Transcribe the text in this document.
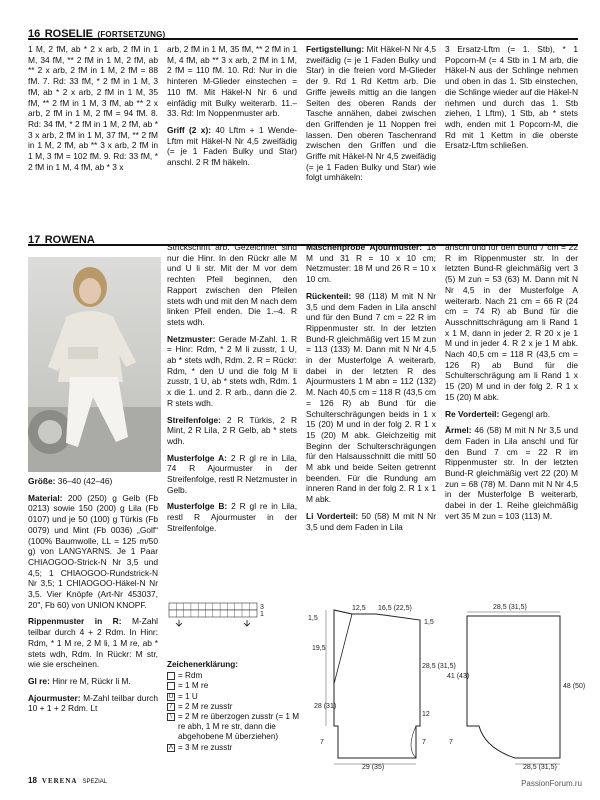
16 ROSELIE (FORTSETZUNG)

1 M, 2 fM, ab * 2 x arb, 2 fM in 1 M, 34 fM, ** 2 fM in 1 M, 2 fM, ab ** 2 x arb, 2 fM in 1 M, 2 fM = 88 fM. 7. Rd: 33 fM, * 2 fM in 1 M, 3 fM, ab * 2 x arb, 2 fM in 1 M, 35 fM, ** 2 fM in 1 M, 3 fM, ab ** 2 x arb, 2 fM in 1 M, 2 fM = 94 fM. 8. Rd: 34 fM, * 2 fM in 1 M, 2 fM, ab * 3 x arb, 2 fM in 1 M, 37 fM, ** 2 fM in 1 M, 2 fM, ab ** 3 x arb, 2 fM in 1 M, 3 fM = 102 fM. 9. Rd: 33 fM, * 2 fM in 1 M, 4 fM, ab * 3 x

arb, 2 fM in 1 M, 35 fM, ** 2 fM in 1 M, 4 fM, ab ** 3 x arb, 2 fM in 1 M, 2 fM = 110 fM. 10. Rd: Nur in die hinteren M-Glieder einstechen = 110 fM. Mit Häkel-N Nr 6 und einfädig mit Bulky weiterarb. 11.–33. Rd: Im Noppenmuster arb.

Griff (2 x): 40 Lftm + 1 Wende-Lftm mit Häkel-N Nr 4,5 zweifädig (= je 1 Faden Bulky und Star) anschl. 2 R fM häkeln.

Fertigstellung: Mit Häkel-N Nr 4,5 zweifädig (= je 1 Faden Bulky und Star) in die freien vord M-Glieder der 9. Rd 1 Rd Kettm arb. Die Griffe jeweils mittig an die langen Seiten des oberen Rands der Tasche annähen, dabei zwischen den Griffenden je 11 Noppen frei lassen. Den oberen Taschenrand zwischen den Griffen und die Griffe mit Häkel-N Nr 4,5 zweifädig (= je 1 Faden Bulky und Star) wie folgt umhäkeln:

3 Ersatz-Lftm (= 1. Stb), * 1 Popcorn-M (= 4 Stb in 1 M arb, die Häkel-N aus der Schlinge nehmen und oben in das 1. Stb einstechen, die Schlinge wieder auf die Häkel-N nehmen und durch das 1. Stb ziehen, 1 Lftm), 1 Stb, ab * stets wdh, enden mit 1 Popcorn-M, die Rd mit 1 Kettm in die oberste Ersatz-Lftm schließen.

17 ROWENA

Größe: 36–40 (42–46)

Material: 200 (250) g Gelb (Fb 0213) sowie 150 (200) g Lila (Fb 0107) und je 50 (100) g Türkis (Fb 0079) und Mint (Fb 0036) „Golf“ (100% Baumwolle, LL = 125 m/50 g) von LANGYARNS. Je 1 Paar CHIAOGOO-Strick-N Nr 3,5 und 4,5; 1 CHIAOGOO-Rundstrick-N Nr 3,5; 1 CHIAOGOO-Häkel-N Nr 3,5. Vier Knöpfe (Art-Nr 453037, 20", Fb 60) von UNION KNOPF.

Rippenmuster in R: M-Zahl teilbar durch 4 + 2 Rdm. In Hinr: Rdm, * 1 M re, 2 M li, 1 M re, ab * stets wdh, Rdm. In Rückr: M str, wie sie erscheinen.

Gl re: Hinr re M, Rückr li M.

Ajourmuster: M-Zahl teilbar durch 10 + 1 + 2 Rdm. Lt

Strickschrift arb. Gezeichnet sind nur die Hinr. In den Rückr alle M und U li str. Mit der M vor dem rechten Pfeil beginnen, den Rapport zwischen den Pfeilen stets wdh und mit den M nach dem linken Pfeil enden. Die 1.–4. R stets wdh.

Netzmuster: Gerade M-Zahl. 1. R = Hinr: Rdm, * 2 M li zusstr, 1 U, ab * stets wdh, Rdm. 2. R = Rückr: Rdm, * den U und die folg M li zusstr, 1 U, ab * stets wdh, Rdm. 1 x die 1. und 2. R arb., dann die 2. R stets wdh.

Streifenfolge: 2 R Türkis, 2 R Mint, 2 R Lila, 2 R Gelb, ab * stets wdh.

Musterfolge A: 2 R gl re in Lila, 74 R Ajourmuster in der Streifenfolge, restl R Netzmuster in Gelb.

Musterfolge B: 2 R gl re in Lila, restl R Ajourmuster in der Streifenfolge.

3
1
Zeichenerklärung:
= Rdm
= 1 M re
U = 1 U
/ = 2 M re zusstr
\ = 2 M re überzogen zusstr (= 1 M re abh, 1 M re str, dann die abgehobene M überziehen)
Λ = 3 M re zusstr

Maschenprobe Ajourmuster: 18 M und 31 R = 10 x 10 cm; Netzmuster: 18 M und 26 R = 10 x 10 cm.

Rückenteil: 98 (118) M mit N Nr 3,5 und dem Faden in Lila anschl und für den Bund 7 cm = 22 R im Rippenmuster str. In der letzten Bund-R gleichmäßig vert 15 M zun = 113 (133) M. Dann mit N Nr 4,5 in der Musterfolge A weiterarb, dabei in der letzten R des Ajourmusters 1 M abn = 112 (132) M. Nach 40,5 cm = 118 R (43,5 cm = 126 R) ab Bund für die Schulterschrägungen beids in 1 x 15 (20) M und in der folg 2. R 1 x 15 (20) M abk. Gleichzeitig mit Beginn der Schulterschrägungen für den Halsausschnitt die mittl 50 M abk und beide Seiten getrennt beenden. Für die Rundung am inneren Rand in der folg 2. R 1 x 1 M abk.

Li Vorderteil: 50 (58) M mit N Nr 3,5 und dem Faden in Lila

anschl und für den Bund 7 cm = 22 R im Rippenmuster str. In der letzten Bund-R gleichmäßig vert 3 (5) M zun = 53 (63) M. Dann mit N Nr 4,5 in der Musterfolge A weiterarb. Nach 21 cm = 66 R (24 cm = 74 R) ab Bund für die Ausschnittschrägung am li Rand 1 x 1 M, dann in jeder 2. R 20 x je 1 M und in jeder 4. R 2 x je 1 M abk. Nach 40,5 cm = 118 R (43,5 cm = 126 R) ab Bund für die Schulterschrägung am li Rand 1 x 15 (20) M und in der folg 2. R 1 x 15 (20) M abk.

Re Vorderteil: Gegengl arb.

Ärmel: 46 (58) M mit N Nr 3,5 und dem Faden in Lila anschl und für den Bund 7 cm = 22 R im Rippenmuster str. In der letzten Bund-R gleichmäßig vert 22 (20) M zun = 68 (78) M. Dann mit N Nr 4,5 in der Musterfolge B weiterarb, dabei in der 1. Reihe gleichmäßig vert 35 M zun = 103 (113) M.

12,5 16,5 (22,5)
1,5
1,5
19,5
28 (31)
28,5 (31,5)
12
7	7
29 (35)
28,5 (31,5)
41 (43)
48 (50)
7
28,5 (31,5)
18 VERENA SPEZIAL	PassionForum.ru
